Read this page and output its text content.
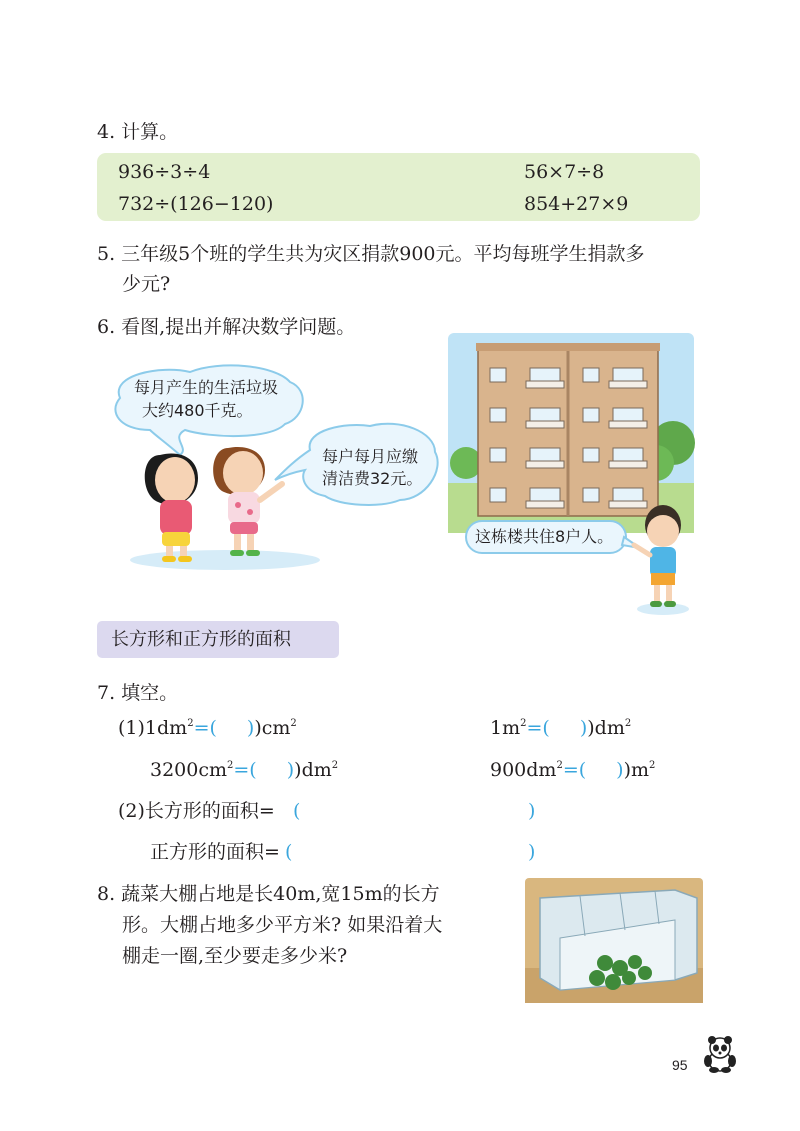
4. 计算。
936÷3÷4	56×7÷8
732÷(126−120)	854+27×9
5. 三年级5个班的学生共为灾区捐款900元。平均每班学生捐款多
少元?
6. 看图,提出并解决数学问题。
每月产生的生活垃圾
大约480千克。
每户每月应缴
清洁费32元。
这栋楼共住8户人。
长方形和正方形的面积
7. 填空。
$(1)1dm^2=$( ))$cm^2$	$1m^2=$( ))$dm^2$
$3200cm^2=$( ))$dm^2$	$900dm^2=$( ))$m^2$
(2)长方形的面积= (	)
正方形的面积= (	)
8. 蔬菜大棚占地是长40m,宽15m的长方
形。大棚占地多少平方米? 如果沿着大
棚走一圈,至少要走多少米?
95
